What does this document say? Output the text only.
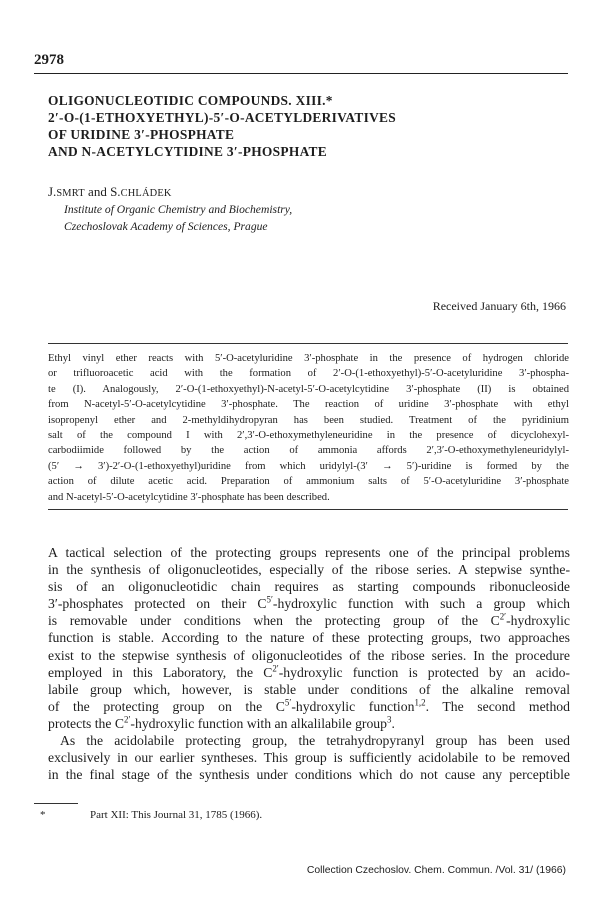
2978
OLIGONUCLEOTIDIC COMPOUNDS. XIII.*
2′-O-(1-ETHOXYETHYL)-5′-O-ACETYLDERIVATIVES
OF URIDINE 3′-PHOSPHATE
AND N-ACETYLCYTIDINE 3′-PHOSPHATE
J.SMRT and S.CHLÁDEK
Institute of Organic Chemistry and Biochemistry,
Czechoslovak Academy of Sciences, Prague
Received January 6th, 1966
Ethyl vinyl ether reacts with 5′-O-acetyluridine 3′-phosphate in the presence of hydrogen chloride
or trifluoroacetic acid with the formation of 2′-O-(1-ethoxyethyl)-5′-O-acetyluridine 3′-phospha-
te (I). Analogously, 2′-O-(1-ethoxyethyl)-N-acetyl-5′-O-acetylcytidine 3′-phosphate (II) is obtained
from N-acetyl-5′-O-acetylcytidine 3′-phosphate. The reaction of uridine 3′-phosphate with ethyl
isopropenyl ether and 2-methyldihydropyran has been studied. Treatment of the pyridinium
salt of the compound I with 2′,3′-O-ethoxymethyleneuridine in the presence of dicyclohexyl-
carbodiimide followed by the action of ammonia affords 2′,3′-O-ethoxymethyleneuridylyl-
(5′ → 3′)-2′-O-(1-ethoxyethyl)uridine from which uridylyl-(3′ → 5′)-uridine is formed by the
action of dilute acetic acid. Preparation of ammonium salts of 5′-O-acetyluridine 3′-phosphate
and N-acetyl-5′-O-acetylcytidine 3′-phosphate has been described.
A tactical selection of the protecting groups represents one of the principal problems
in the synthesis of oligonucleotides, especially of the ribose series. A stepwise synthe-
sis of an oligonucleotidic chain requires as starting compounds ribonucleoside
3′-phosphates protected on their $C^{5'}$-hydroxylic function with such a group which
is removable under conditions when the protecting group of the $C^{2'}$-hydroxylic
function is stable. According to the nature of these protecting groups, two approaches
exist to the stepwise synthesis of oligonucleotides of the ribose series. In the procedure
employed in this Laboratory, the $C^{2'}$-hydroxylic function is protected by an acido-
labile group which, however, is stable under conditions of the alkaline removal
of the protecting group on the $C^{5'}$-hydroxylic function$^{1,2}$. The second method
protects the $C^{2'}$-hydroxylic function with an alkalilabile group$^3$.
As the acidolabile protecting group, the tetrahydropyranyl group has been used
exclusively in our earlier syntheses. This group is sufficiently acidolabile to be removed
in the final stage of the synthesis under conditions which do not cause any perceptible
*	Part XII: This Journal 31, 1785 (1966).
Collection Czechoslov. Chem. Commun. /Vol. 31/ (1966)
